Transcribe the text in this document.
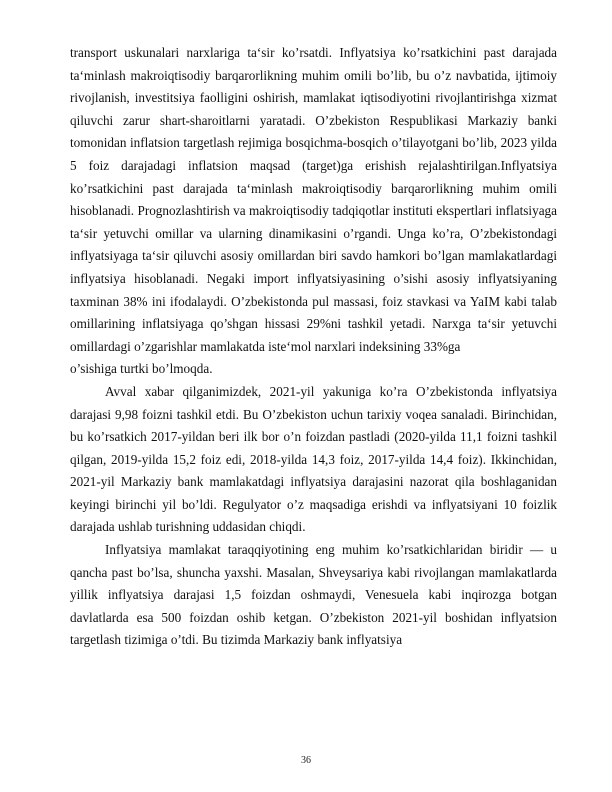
transport uskunalari narxlariga ta‘sir ko’rsatdi. Inflyatsiya ko’rsatkichini past darajada ta‘minlash makroiqtisodiy barqarorlikning muhim omili bo’lib, bu o’z navbatida, ijtimoiy rivojlanish, investitsiya faolligini oshirish, mamlakat iqtisodiyotini rivojlantirishga xizmat qiluvchi zarur shart-sharoitlarni yaratadi. O’zbekiston Respublikasi Markaziy banki tomonidan inflatsion targetlash rejimiga bosqichma-bosqich o’tilayotgani bo’lib, 2023 yilda 5 foiz darajadagi inflatsion maqsad (target)ga erishish rejalashtirilgan.Inflyatsiya ko’rsatkichini past darajada ta‘minlash makroiqtisodiy barqarorlikning muhim omili hisoblanadi. Prognozlashtirish va makroiqtisodiy tadqiqotlar instituti ekspertlari inflatsiyaga ta‘sir yetuvchi omillar va ularning dinamikasini o’rgandi. Unga ko’ra, O’zbekistondagi inflyatsiyaga ta‘sir qiluvchi asosiy omillardan biri savdo hamkori bo’lgan mamlakatlardagi inflyatsiya hisoblanadi. Negaki import inflyatsiyasining o’sishi asosiy inflyatsiyaning taxminan 38% ini ifodalaydi. O’zbekistonda pul massasi, foiz stavkasi va YaIM kabi talab omillarining inflatsiyaga qo’shgan hissasi 29%ni tashkil yetadi. Narxga ta‘sir yetuvchi omillardagi o’zgarishlar mamlakatda iste‘mol narxlari indeksining 33%ga

o’sishiga turtki bo’lmoqda.

Avval xabar qilganimizdek, 2021-yil yakuniga ko’ra O’zbekistonda inflyatsiya darajasi 9,98 foizni tashkil etdi. Bu O’zbekiston uchun tarixiy voqea sanaladi. Birinchidan, bu ko’rsatkich 2017-yildan beri ilk bor o’n foizdan pastladi (2020-yilda 11,1 foizni tashkil qilgan, 2019-yilda 15,2 foiz edi, 2018-yilda 14,3 foiz, 2017-yilda 14,4 foiz). Ikkinchidan, 2021-yil Markaziy bank mamlakatdagi inflyatsiya darajasini nazorat qila boshlaganidan keyingi birinchi yil bo’ldi. Regulyator o’z maqsadiga erishdi va inflyatsiyani 10 foizlik darajada ushlab turishning uddasidan chiqdi.

Inflyatsiya mamlakat taraqqiyotining eng muhim ko’rsatkichlaridan biridir — u qancha past bo’lsa, shuncha yaxshi. Masalan, Shveysariya kabi rivojlangan mamlakatlarda yillik inflyatsiya darajasi 1,5 foizdan oshmaydi, Venesuela kabi inqirozga botgan davlatlarda esa 500 foizdan oshib ketgan. O’zbekiston 2021-yil boshidan inflyatsion targetlash tizimiga o’tdi. Bu tizimda Markaziy bank inflyatsiya

36
